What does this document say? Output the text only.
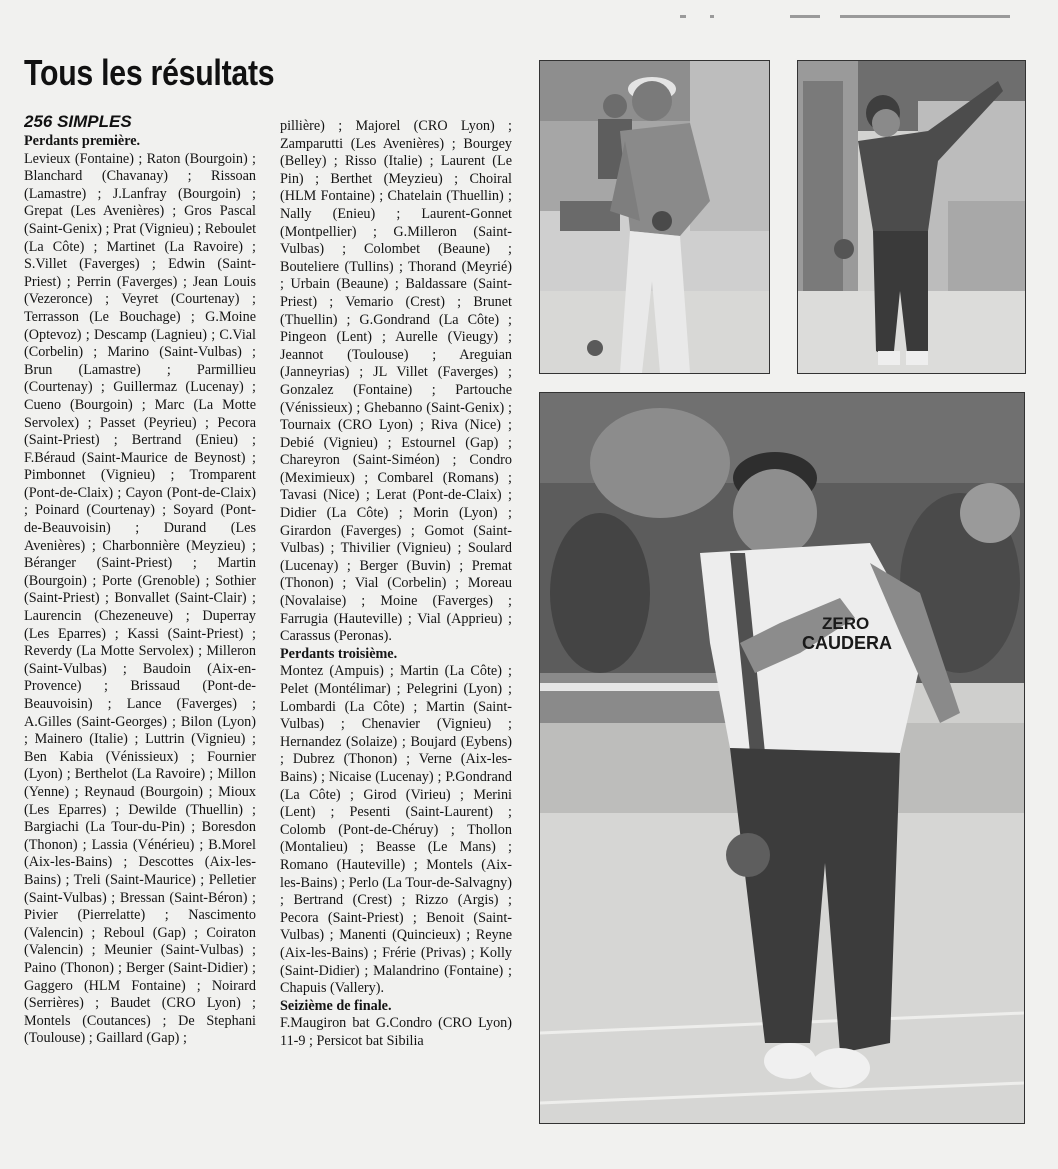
Tous les résultats
256 SIMPLES
Perdants première.

Levieux (Fontaine) ; Raton (Bourgoin) ; Blanchard (Chavanay) ; Rissoan (Lamastre) ; J.Lanfray (Bourgoin) ; Grepat (Les Avenières) ; Gros Pascal (Saint-Genix) ; Prat (Vignieu) ; Reboulet (La Côte) ; Martinet (La Ravoire) ; S.Villet (Faverges) ; Edwin (Saint-Priest) ; Perrin (Faverges) ; Jean Louis (Vezeronce) ; Veyret (Courtenay) ; Terrasson (Le Bouchage) ; G.Moine (Optevoz) ; Descamp (Lagnieu) ; C.Vial (Corbelin) ; Marino (Saint-Vulbas) ; Brun (Lamastre) ; Parmillieu (Courtenay) ; Guillermaz (Lucenay) ; Cueno (Bourgoin) ; Marc (La Motte Servolex) ; Passet (Peyrieu) ; Pecora (Saint-Priest) ; Bertrand (Enieu) ; F.Béraud (Saint-Maurice de Beynost) ; Pimbonnet (Vignieu) ; Tromparent (Pont-de-Claix) ; Cayon (Pont-de-Claix) ; Poinard (Courtenay) ; Soyard (Pont-de-Beauvoisin) ; Durand (Les Avenières) ; Charbonnière (Meyzieu) ; Béranger (Saint-Priest) ; Martin (Bourgoin) ; Porte (Grenoble) ; Sothier (Saint-Priest) ; Bonvallet (Saint-Clair) ; Laurencin (Chezeneuve) ; Duperray (Les Eparres) ; Kassi (Saint-Priest) ; Reverdy (La Motte Servolex) ; Milleron (Saint-Vulbas) ; Baudoin (Aix-en-Provence) ; Brissaud (Pont-de-Beauvoisin) ; Lance (Faverges) ; A.Gilles (Saint-Georges) ; Bilon (Lyon) ; Mainero (Italie) ; Luttrin (Vignieu) ; Ben Kabia (Vénissieux) ; Fournier (Lyon) ; Berthelot (La Ravoire) ; Millon (Yenne) ; Reynaud (Bourgoin) ; Mioux (Les Eparres) ; Dewilde (Thuellin) ; Bargiachi (La Tour-du-Pin) ; Boresdon (Thonon) ; Lassia (Vénérieu) ; B.Morel (Aix-les-Bains) ; Descottes (Aix-les-Bains) ; Treli (Saint-Maurice) ; Pelletier (Saint-Vulbas) ; Bressan (Saint-Béron) ; Pivier (Pierrelatte) ; Nascimento (Valencin) ; Reboul (Gap) ; Coiraton (Valencin) ; Meunier (Saint-Vulbas) ; Paino (Thonon) ; Berger (Saint-Didier) ; Gaggero (HLM Fontaine) ; Noirard (Serrières) ; Baudet (CRO Lyon) ; Montels (Coutances) ; De Stephani (Toulouse) ; Gaillard (Gap) ;

pillière) ; Majorel (CRO Lyon) ; Zamparutti (Les Avenières) ; Bourgey (Belley) ; Risso (Italie) ; Laurent (Le Pin) ; Berthet (Meyzieu) ; Choiral (HLM Fontaine) ; Chatelain (Thuellin) ; Nally (Enieu) ; Laurent-Gonnet (Montpellier) ; G.Milleron (Saint-Vulbas) ; Colombet (Beaune) ; Bouteliere (Tullins) ; Thorand (Meyrié) ; Urbain (Beaune) ; Baldassare (Saint-Priest) ; Vemario (Crest) ; Brunet (Thuellin) ; G.Gondrand (La Côte) ; Pingeon (Lent) ; Aurelle (Vieugy) ; Jeannot (Toulouse) ; Areguian (Janneyrias) ; JL Villet (Faverges) ; Gonzalez (Fontaine) ; Partouche (Vénissieux) ; Ghebanno (Saint-Genix) ; Tournaix (CRO Lyon) ; Riva (Nice) ; Debié (Vignieu) ; Estournel (Gap) ; Chareyron (Saint-Siméon) ; Condro (Meximieux) ; Combarel (Romans) ; Tavasi (Nice) ; Lerat (Pont-de-Claix) ; Didier (La Côte) ; Morin (Lyon) ; Girardon (Faverges) ; Gomot (Saint-Vulbas) ; Thivilier (Vignieu) ; Soulard (Lucenay) ; Berger (Buvin) ; Premat (Thonon) ; Vial (Corbelin) ; Moreau (Novalaise) ; Moine (Faverges) ; Farrugia (Hauteville) ; Vial (Apprieu) ; Carassus (Peronas).

Perdants troisième.

Montez (Ampuis) ; Martin (La Côte) ; Pelet (Montélimar) ; Pelegrini (Lyon) ; Lombardi (La Côte) ; Martin (Saint-Vulbas) ; Chenavier (Vignieu) ; Hernandez (Solaize) ; Boujard (Eybens) ; Dubrez (Thonon) ; Verne (Aix-les-Bains) ; Nicaise (Lucenay) ; P.Gondrand (La Côte) ; Girod (Virieu) ; Merini (Lent) ; Pesenti (Saint-Laurent) ; Colomb (Pont-de-Chéruy) ; Thollon (Montalieu) ; Beasse (Le Mans) ; Romano (Hauteville) ; Montels (Aix-les-Bains) ; Perlo (La Tour-de-Salvagny) ; Bertrand (Crest) ; Rizzo (Argis) ; Pecora (Saint-Priest) ; Benoit (Saint-Vulbas) ; Manenti (Quincieux) ; Reyne (Aix-les-Bains) ; Frérie (Privas) ; Kolly (Saint-Didier) ; Malandrino (Fontaine) ; Chapuis (Vallery).

Seizième de finale.

F.Maugiron bat G.Condro (CRO Lyon) 11-9 ; Persicot bat Sibilia

ZERO
CAUDERA
